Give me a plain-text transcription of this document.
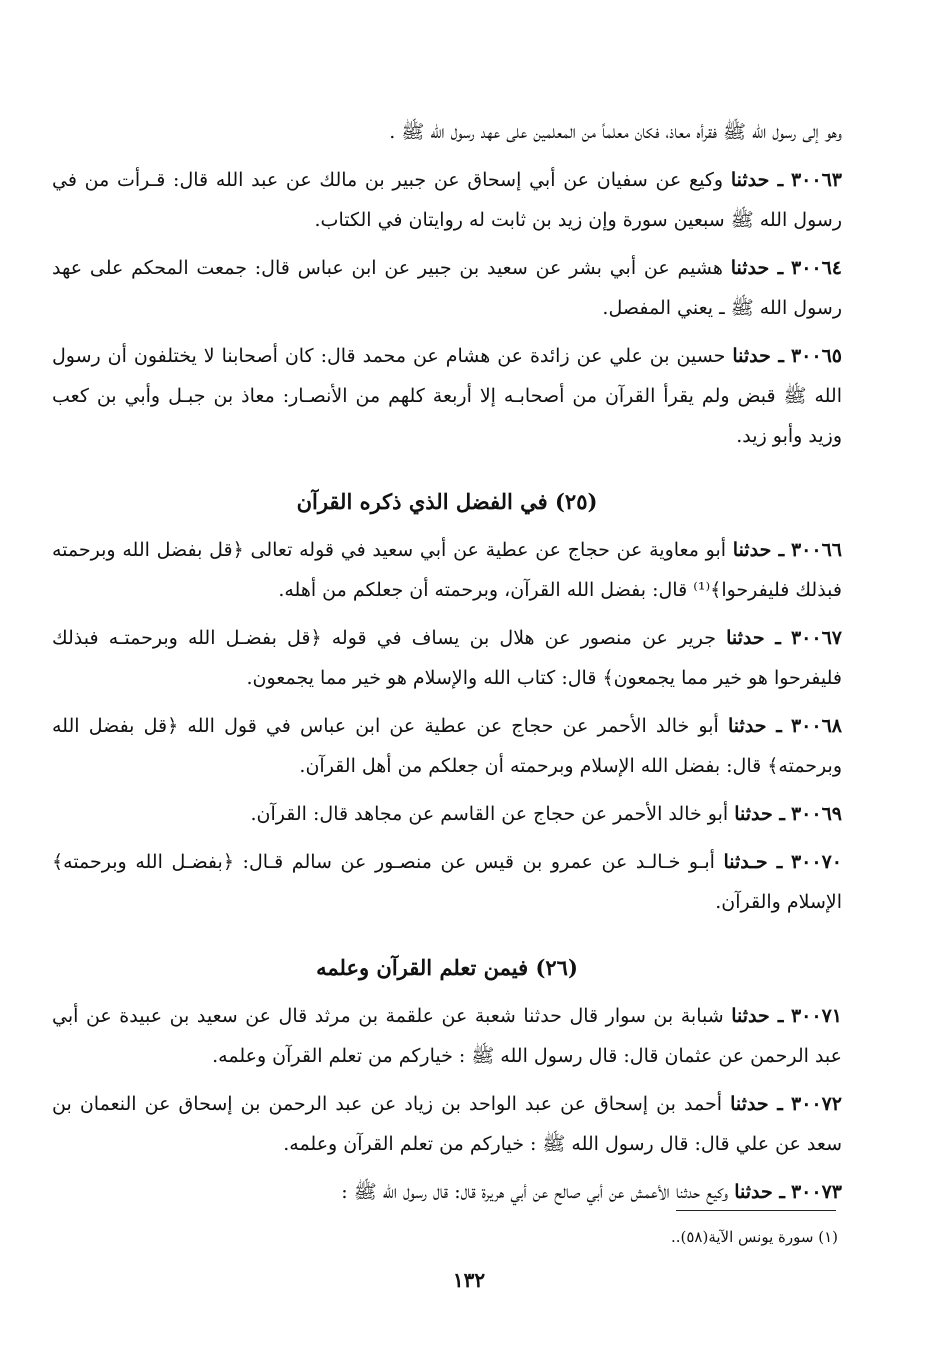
وهو إلى رسول الله ﷺ فقرأه معاذ، فكان معلماً من المعلمين على عهد رسول الله ﷺ .

٣٠٠٦٣ ـ حدثنا وكيع عن سفيان عن أبي إسحاق عن جبير بن مالك عن عبد الله قال: قـرأت من في رسول الله ﷺ سبعين سورة وإن زيد بن ثابت له روايتان في الكتاب.

٣٠٠٦٤ ـ حدثنا هشيم عن أبي بشر عن سعيد بن جبير عن ابن عباس قال: جمعت المحكم على عهد رسول الله ﷺ ـ يعني المفصل.

٣٠٠٦٥ ـ حدثنا حسين بن علي عن زائدة عن هشام عن محمد قال: كان أصحابنا لا يختلفون أن رسول الله ﷺ قبض ولم يقرأ القرآن من أصحابـه إلا أربعة كلهم من الأنصـار: معاذ بن جبـل وأبي بن كعب وزيد وأبو زيد.

(٢٥) في الفضل الذي ذكره القرآن

٣٠٠٦٦ ـ حدثنا أبو معاوية عن حجاج عن عطية عن أبي سعيد في قوله تعالى ﴿قل بفضل الله وبرحمته فبذلك فليفرحوا﴾⁽¹⁾ قال: بفضل الله القرآن، وبرحمته أن جعلكم من أهله.

٣٠٠٦٧ ـ حدثنا جرير عن منصور عن هلال بن يساف في قوله ﴿قل بفضـل الله وبرحمتـه فبذلك فليفرحوا هو خير مما يجمعون﴾ قال: كتاب الله والإسلام هو خير مما يجمعون.

٣٠٠٦٨ ـ حدثنا أبو خالد الأحمر عن حجاج عن عطية عن ابن عباس في قول الله ﴿قل بفضل الله وبرحمته﴾ قال: بفضل الله الإسلام وبرحمته أن جعلكم من أهل القرآن.

٣٠٠٦٩ ـ حدثنا أبو خالد الأحمر عن حجاج عن القاسم عن مجاهد قال: القرآن.

٣٠٠٧٠ ـ حـدثنا أبـو خـالـد عن عمرو بن قيس عن منصـور عن سالم قـال: ﴿بفضـل الله وبرحمته﴾ الإسلام والقرآن.

(٢٦) فيمن تعلم القرآن وعلمه

٣٠٠٧١ ـ حدثنا شبابة بن سوار قال حدثنا شعبة عن علقمة بن مرثد قال عن سعيد بن عبيدة عن أبي عبد الرحمن عن عثمان قال: قال رسول الله ﷺ : خياركم من تعلم القرآن وعلمه.

٣٠٠٧٢ ـ حدثنا أحمد بن إسحاق عن عبد الواحد بن زياد عن عبد الرحمن بن إسحاق عن النعمان بن سعد عن علي قال: قال رسول الله ﷺ : خياركم من تعلم القرآن وعلمه.

٣٠٠٧٣ ـ حدثنا وكيع حدثنا الأعمش عن أبي صالح عن أبي هريرة قال: قال رسول الله ﷺ :

(١) سورة يونس الآية(٥٨)..
١٣٢
